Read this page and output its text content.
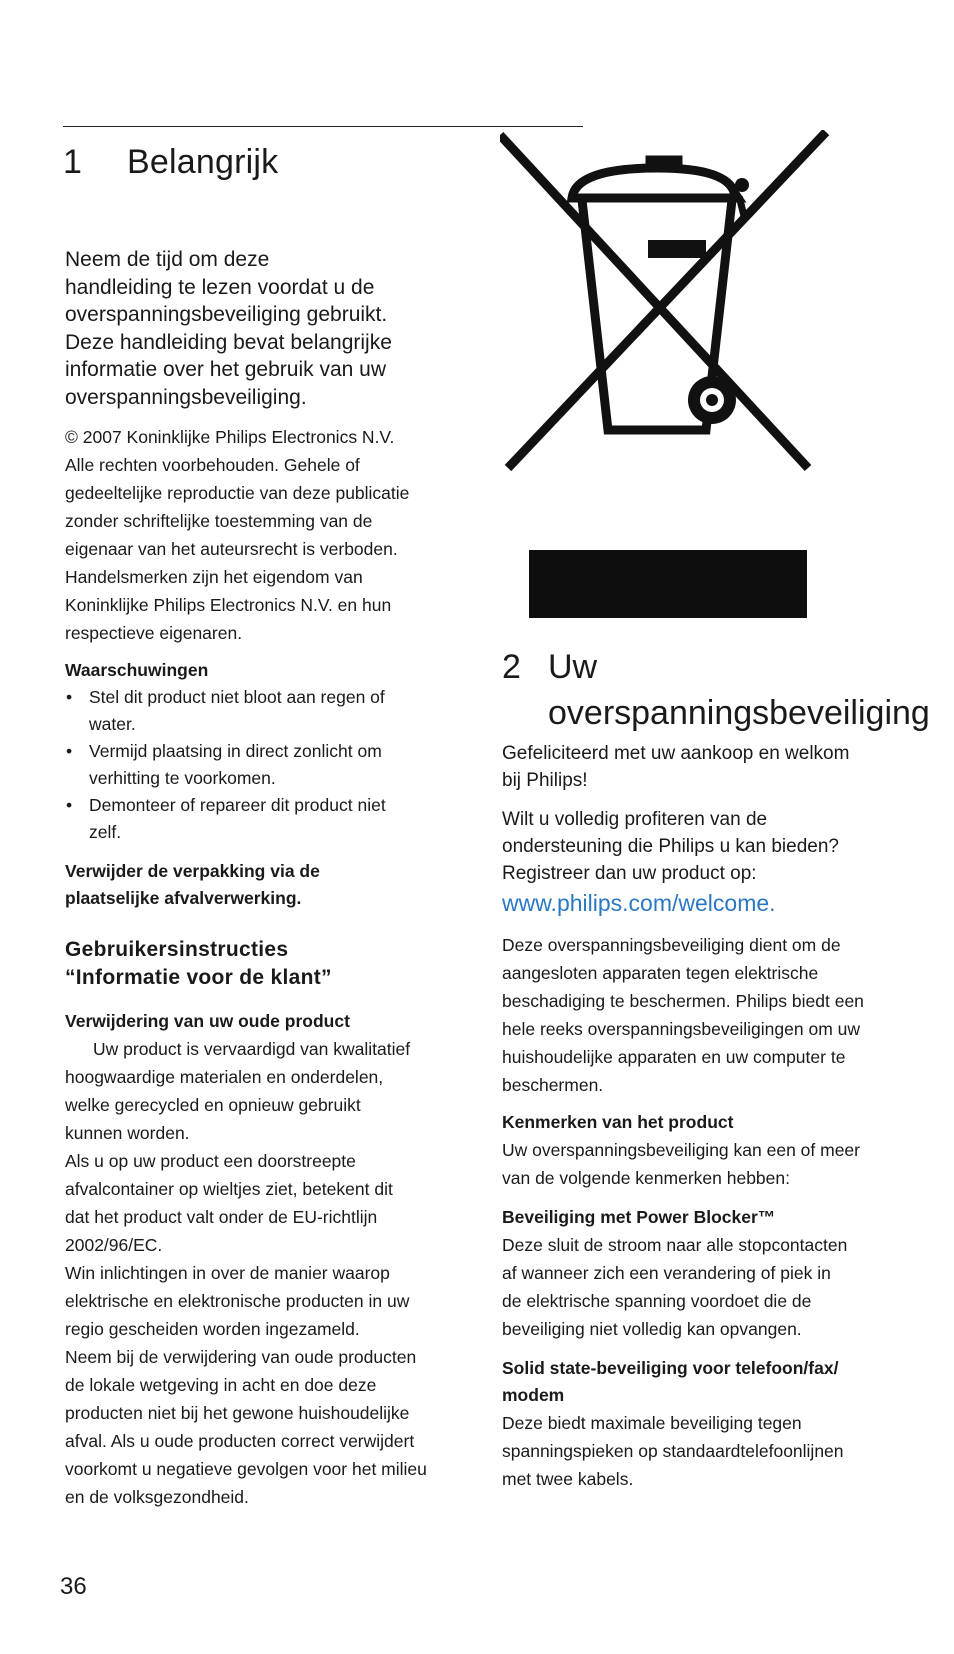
1 Belangrijk

Neem de tijd om deze

handleiding te lezen voordat u de

overspanningsbeveiliging gebruikt.

Deze handleiding bevat belangrijke

informatie over het gebruik van uw

overspanningsbeveiliging.

© 2007 Koninklijke Philips Electronics N.V.

Alle rechten voorbehouden. Gehele of

gedeeltelijke reproductie van deze publicatie

zonder schriftelijke toestemming van de

eigenaar van het auteursrecht is verboden.

Handelsmerken zijn het eigendom van

Koninklijke Philips Electronics N.V. en hun

respectieve eigenaren.

Waarschuwingen

• Stel dit product niet bloot aan regen of
water.
• Vermijd plaatsing in direct zonlicht om
verhitting te voorkomen.
• Demonteer of repareer dit product niet
zelf.

Verwijder de verpakking via de

plaatselijke afvalverwerking.

Gebruikersinstructies

“Informatie voor de klant”

Verwijdering van uw oude product

Uw product is vervaardigd van kwalitatief

hoogwaardige materialen en onderdelen,

welke gerecycled en opnieuw gebruikt

kunnen worden.

Als u op uw product een doorstreepte

afvalcontainer op wieltjes ziet, betekent dit

dat het product valt onder de EU-richtlijn

2002/96/EC.

Win inlichtingen in over de manier waarop

elektrische en elektronische producten in uw

regio gescheiden worden ingezameld.

Neem bij de verwijdering van oude producten

de lokale wetgeving in acht en doe deze

producten niet bij het gewone huishoudelijke

afval. Als u oude producten correct verwijdert

voorkomt u negatieve gevolgen voor het milieu

en de volksgezondheid.

2 Uw
overspanningsbeveiliging

Gefeliciteerd met uw aankoop en welkom

bij Philips!

Wilt u volledig profiteren van de

ondersteuning die Philips u kan bieden?

Registreer dan uw product op:

www.philips.com/welcome.

Deze overspanningsbeveiliging dient om de

aangesloten apparaten tegen elektrische

beschadiging te beschermen. Philips biedt een

hele reeks overspanningsbeveiligingen om uw

huishoudelijke apparaten en uw computer te

beschermen.

Kenmerken van het product

Uw overspanningsbeveiliging kan een of meer

van de volgende kenmerken hebben:

Beveiliging met Power Blocker™

Deze sluit de stroom naar alle stopcontacten

af wanneer zich een verandering of piek in

de elektrische spanning voordoet die de

beveiliging niet volledig kan opvangen.

Solid state-beveiliging voor telefoon/fax/

modem

Deze biedt maximale beveiliging tegen

spanningspieken op standaardtelefoonlijnen

met twee kabels.

36
